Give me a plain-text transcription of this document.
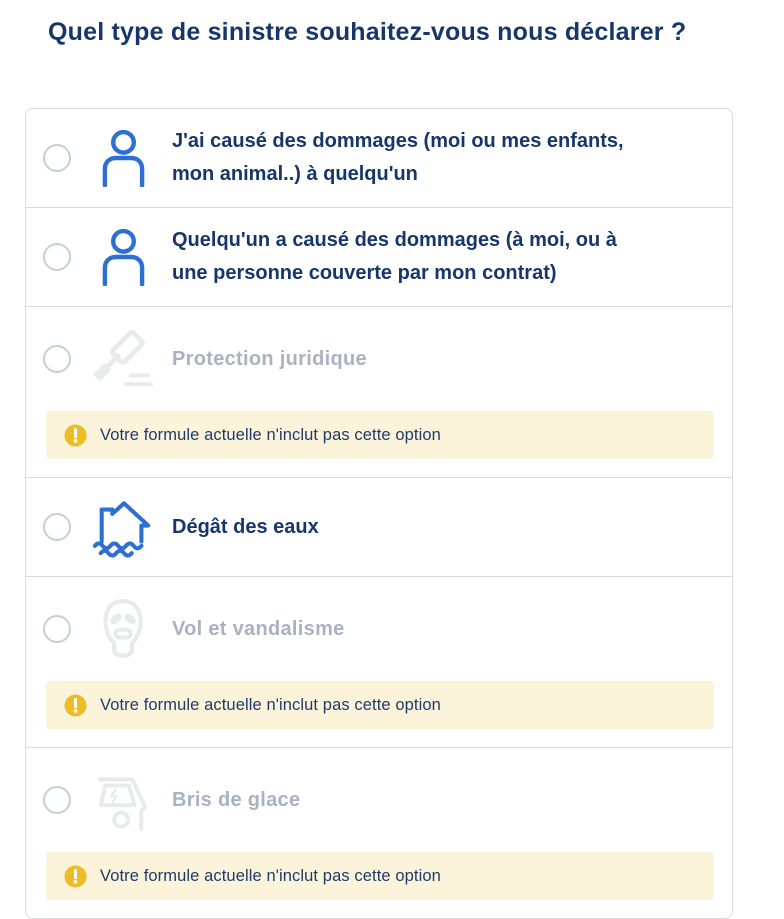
Quel type de sinistre souhaitez-vous nous déclarer ?
J'ai causé des dommages (moi ou mes enfants, mon animal..) à quelqu'un
Quelqu'un a causé des dommages (à moi, ou à une personne couverte par mon contrat)
Protection juridique
Votre formule actuelle n'inclut pas cette option
Dégât des eaux
Vol et vandalisme
Votre formule actuelle n'inclut pas cette option
Bris de glace
Votre formule actuelle n'inclut pas cette option
